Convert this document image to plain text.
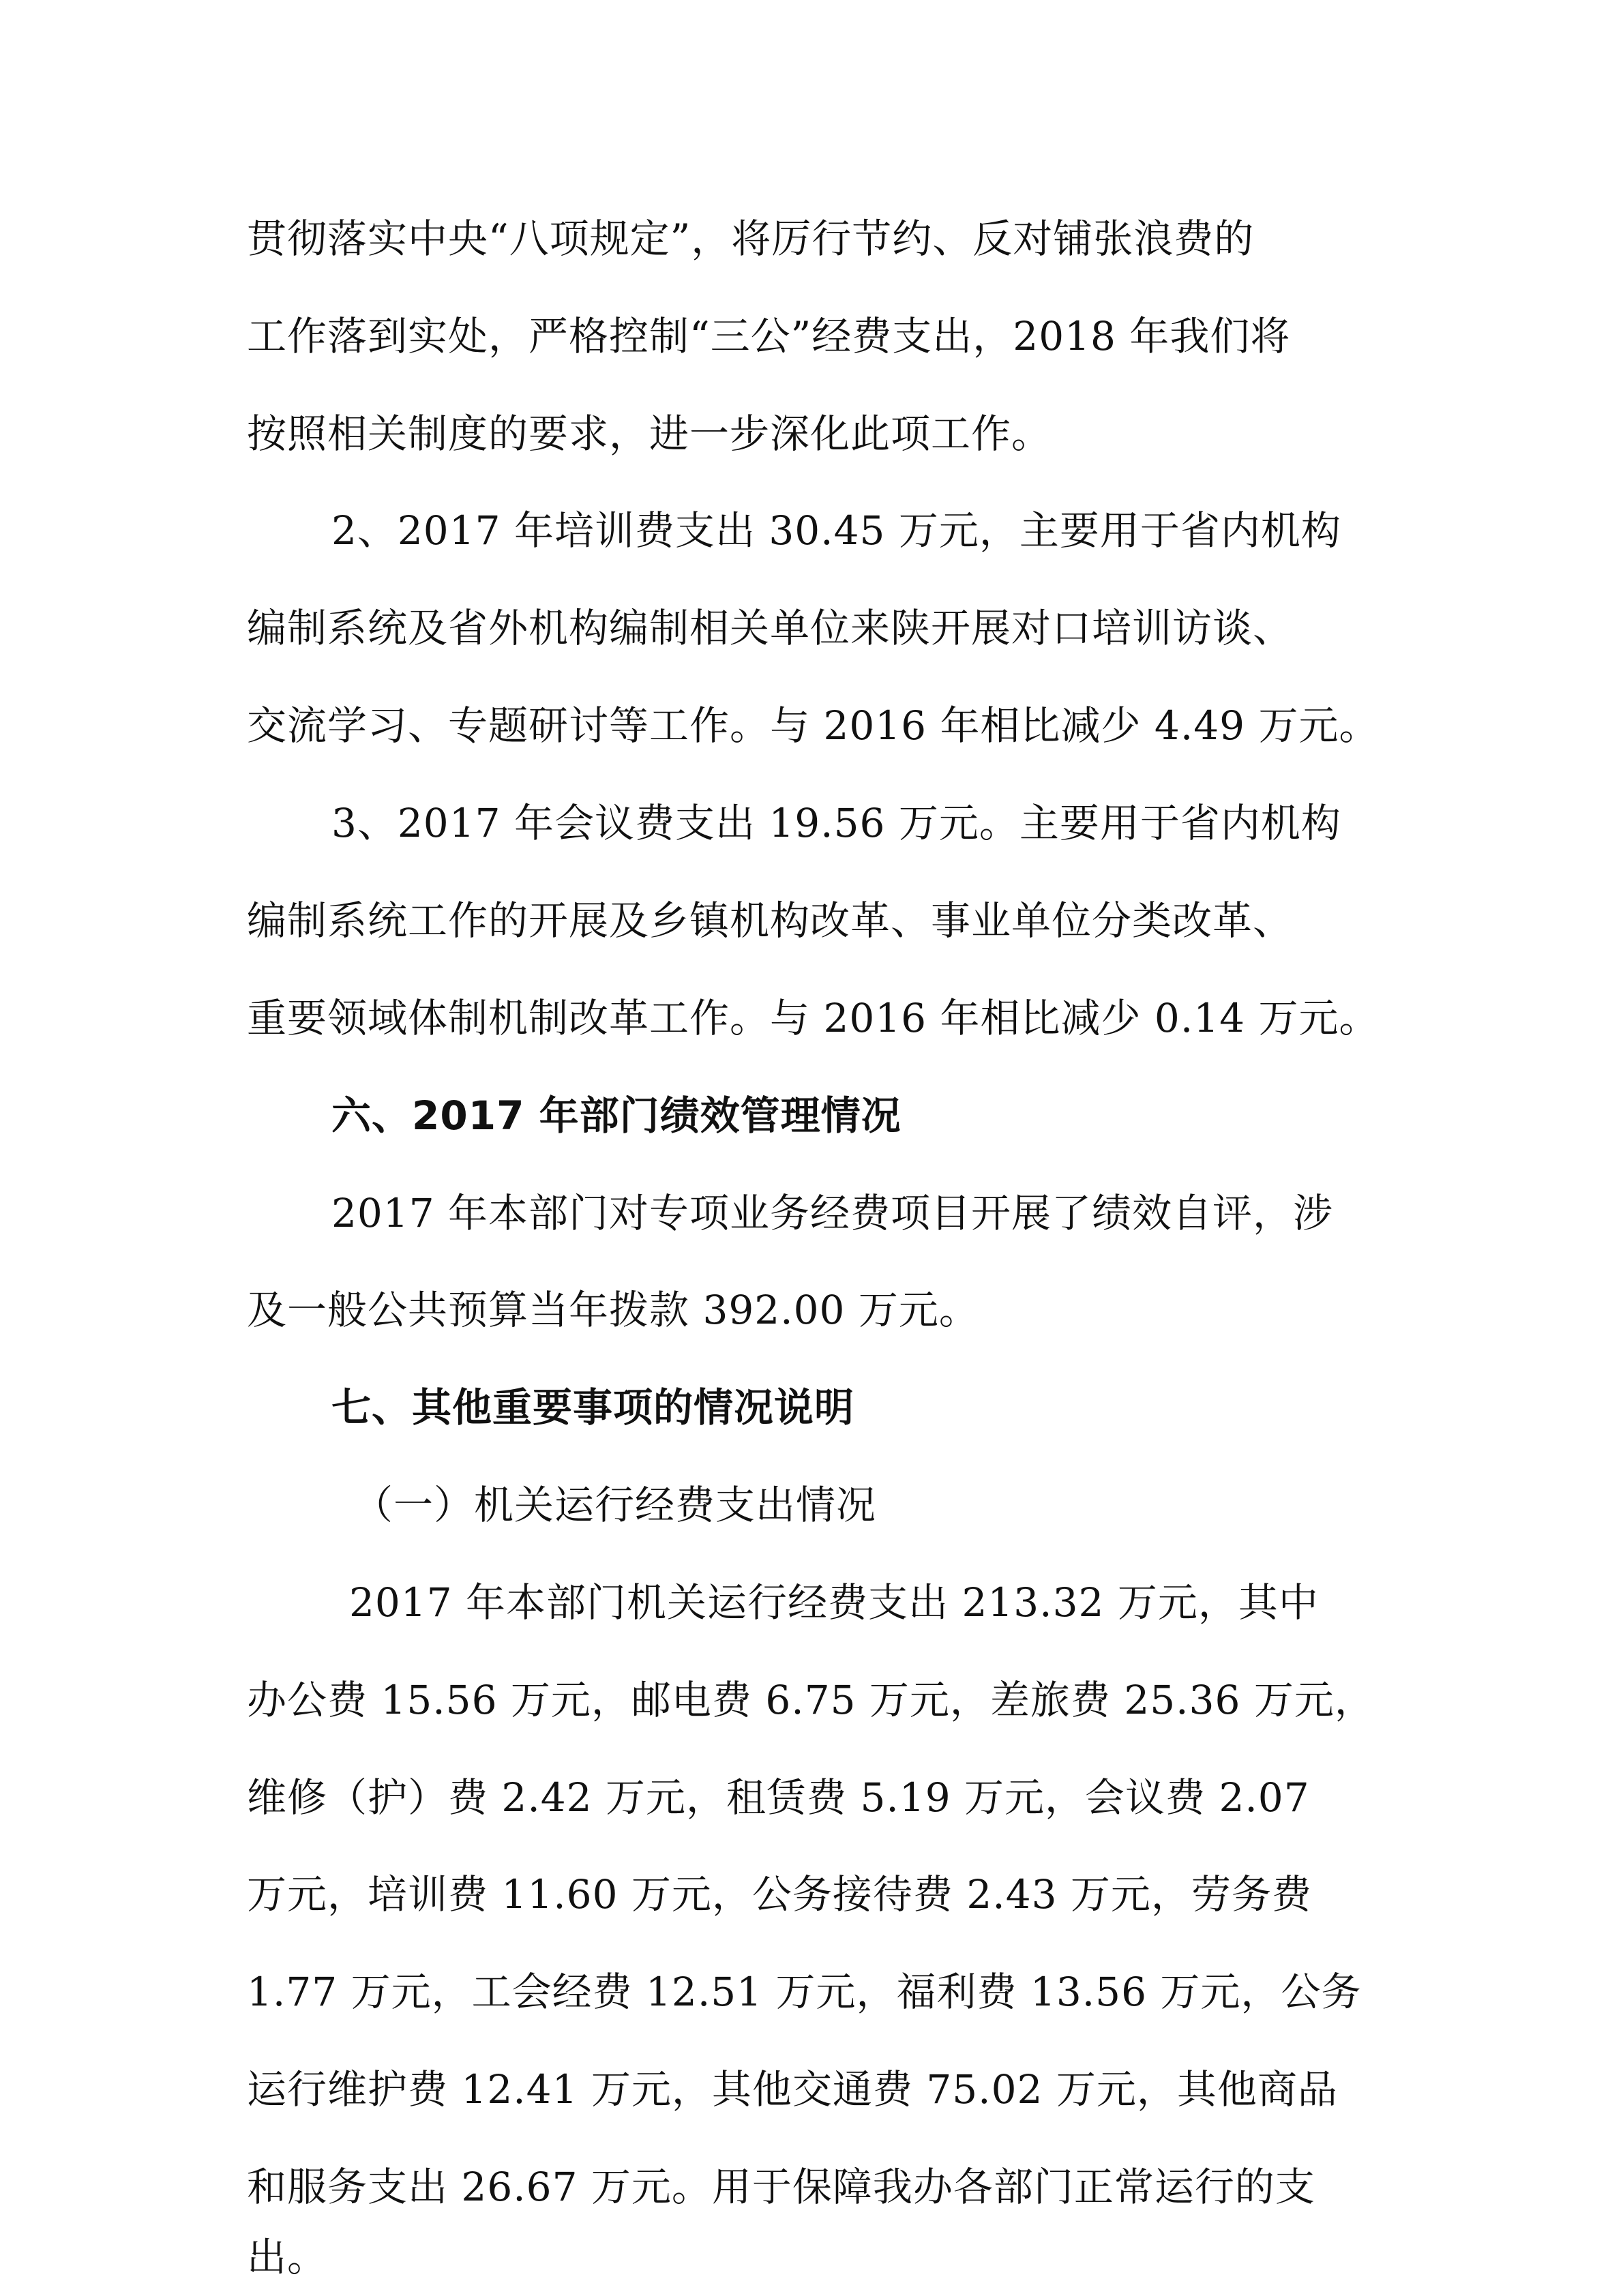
贯彻落实中央“八项规定”，将厉行节约、反对铺张浪费的
工作落到实处，严格控制“三公”经费支出，2018 年我们将
按照相关制度的要求，进一步深化此项工作。
2、2017 年培训费支出 30.45 万元，主要用于省内机构
编制系统及省外机构编制相关单位来陕开展对口培训访谈、
交流学习、专题研讨等工作。与 2016 年相比减少 4.49 万元。
3、2017 年会议费支出 19.56 万元。主要用于省内机构
编制系统工作的开展及乡镇机构改革、事业单位分类改革、
重要领域体制机制改革工作。与 2016 年相比减少 0.14 万元。
六、2017 年部门绩效管理情况
2017 年本部门对专项业务经费项目开展了绩效自评，涉
及一般公共预算当年拨款 392.00 万元。
七、其他重要事项的情况说明
（一）机关运行经费支出情况
2017 年本部门机关运行经费支出 213.32 万元，其中
办公费 15.56 万元，邮电费 6.75 万元，差旅费 25.36 万元，
维修（护）费 2.42 万元，租赁费 5.19 万元，会议费 2.07
万元，培训费 11.60 万元，公务接待费 2.43 万元，劳务费
1.77 万元，工会经费 12.51 万元，福利费 13.56 万元，公务
运行维护费 12.41 万元，其他交通费 75.02 万元，其他商品
和服务支出 26.67 万元。用于保障我办各部门正常运行的支
出。
